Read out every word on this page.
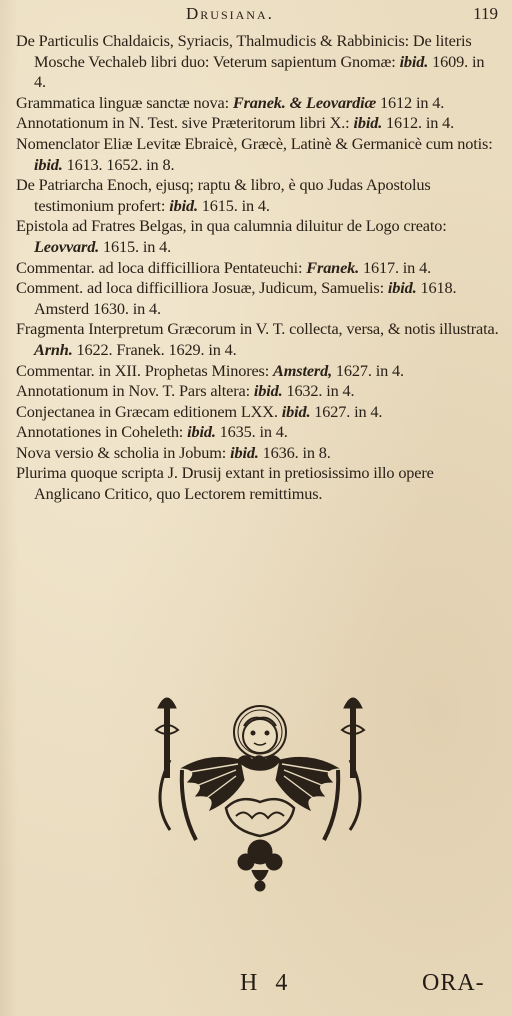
Drusiana.	119

De Particulis Chaldaicis, Syriacis, Thalmudicis & Rabbinicis: De literis Mosche Vechaleb libri duo: Veterum sapientum Gnomæ: ibid. 1609. in 4.

Grammatica linguæ sanctæ nova: Franek. & Leovardiæ 1612 in 4.

Annotationum in N. Test. sive Præteritorum libri X.: ibid. 1612. in 4.

Nomenclator Eliæ Levitæ Ebraicè, Græcè, Latinè & Germanicè cum notis: ibid. 1613. 1652. in 8.

De Patriarcha Enoch, ejusq; raptu & libro, è quo Judas Apostolus testimonium profert: ibid. 1615. in 4.

Epistola ad Fratres Belgas, in qua calumnia diluitur de Logo creato: Leovvard. 1615. in 4.

Commentar. ad loca difficilliora Pentateuchi: Franek. 1617. in 4.

Comment. ad loca difficilliora Josuæ, Judicum, Samuelis: ibid. 1618. Amsterd 1630. in 4.

Fragmenta Interpretum Græcorum in V. T. collecta, versa, & notis illustrata. Arnh. 1622. Franek. 1629. in 4.

Commentar. in XII. Prophetas Minores: Amsterd, 1627. in 4.

Annotationum in Nov. T. Pars altera: ibid. 1632. in 4.

Conjectanea in Græcam editionem LXX. ibid. 1627. in 4.

Annotationes in Coheleth: ibid. 1635. in 4.

Nova versio & scholia in Jobum: ibid. 1636. in 8.

Plurima quoque scripta J. Drusij extant in pretiosissimo illo opere Anglicano Critico, quo Lectorem remittimus.

H 4	ORA-
